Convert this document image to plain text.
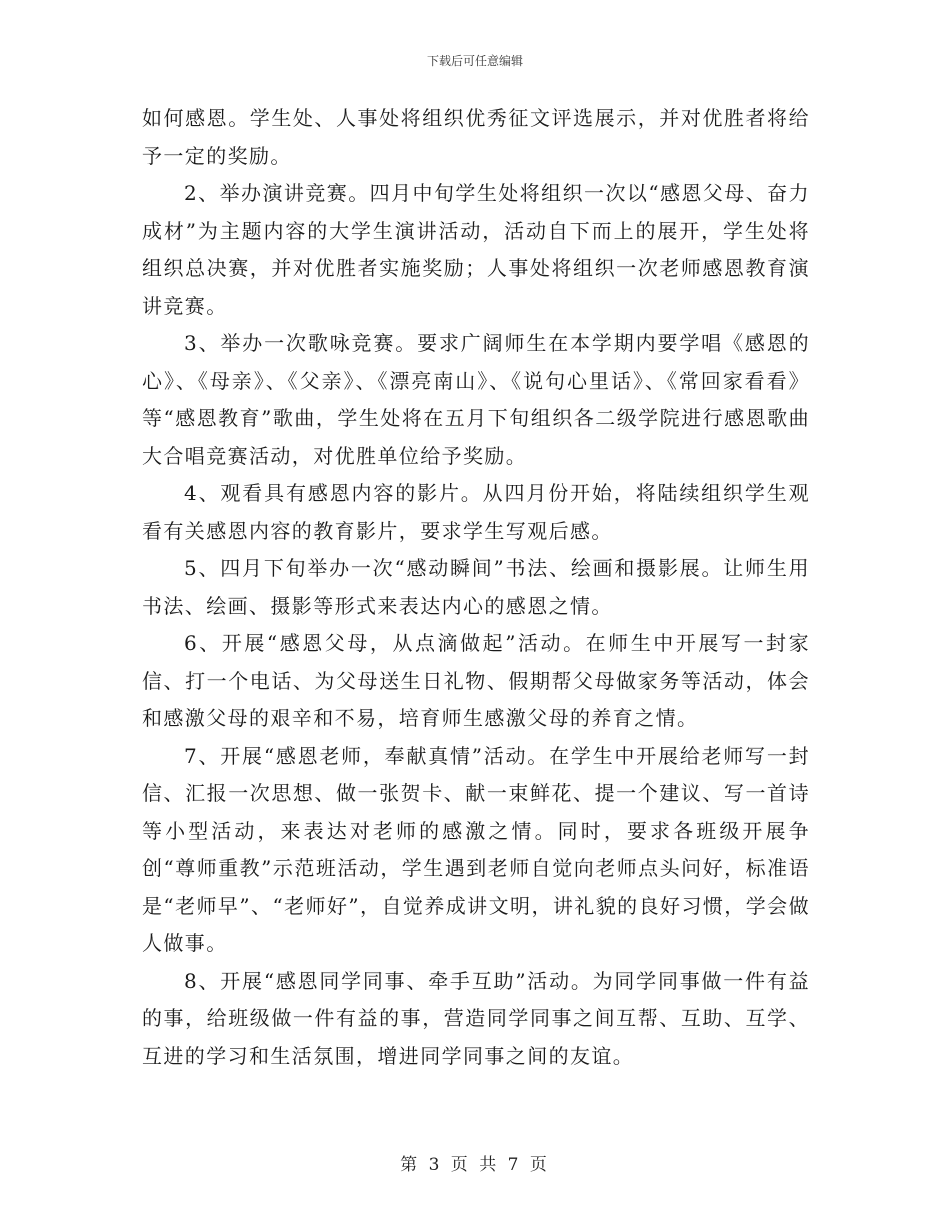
下载后可任意编辑

如何感恩。学生处、人事处将组织优秀征文评选展示，并对优胜者将给予一定的奖励。

2、举办演讲竞赛。四月中旬学生处将组织一次以“感恩父母、奋力成材”为主题内容的大学生演讲活动，活动自下而上的展开，学生处将组织总决赛，并对优胜者实施奖励；人事处将组织一次老师感恩教育演讲竞赛。

3、举办一次歌咏竞赛。要求广阔师生在本学期内要学唱《感恩的心》、《母亲》、《父亲》、《漂亮南山》、《说句心里话》、《常回家看看》等“感恩教育”歌曲，学生处将在五月下旬组织各二级学院进行感恩歌曲大合唱竞赛活动，对优胜单位给予奖励。

4、观看具有感恩内容的影片。从四月份开始，将陆续组织学生观看有关感恩内容的教育影片，要求学生写观后感。

5、四月下旬举办一次“感动瞬间”书法、绘画和摄影展。让师生用书法、绘画、摄影等形式来表达内心的感恩之情。

6、开展“感恩父母，从点滴做起”活动。在师生中开展写一封家信、打一个电话、为父母送生日礼物、假期帮父母做家务等活动，体会和感激父母的艰辛和不易，培育师生感激父母的养育之情。

7、开展“感恩老师，奉献真情”活动。在学生中开展给老师写一封信、汇报一次思想、做一张贺卡、献一束鲜花、提一个建议、写一首诗等小型活动，来表达对老师的感激之情。同时，要求各班级开展争创“尊师重教”示范班活动，学生遇到老师自觉向老师点头问好，标准语是“老师早”、“老师好”，自觉养成讲文明，讲礼貌的良好习惯，学会做人做事。

8、开展“感恩同学同事、牵手互助”活动。为同学同事做一件有益的事，给班级做一件有益的事，营造同学同事之间互帮、互助、互学、互进的学习和生活氛围，增进同学同事之间的友谊。

第 3 页 共 7 页
